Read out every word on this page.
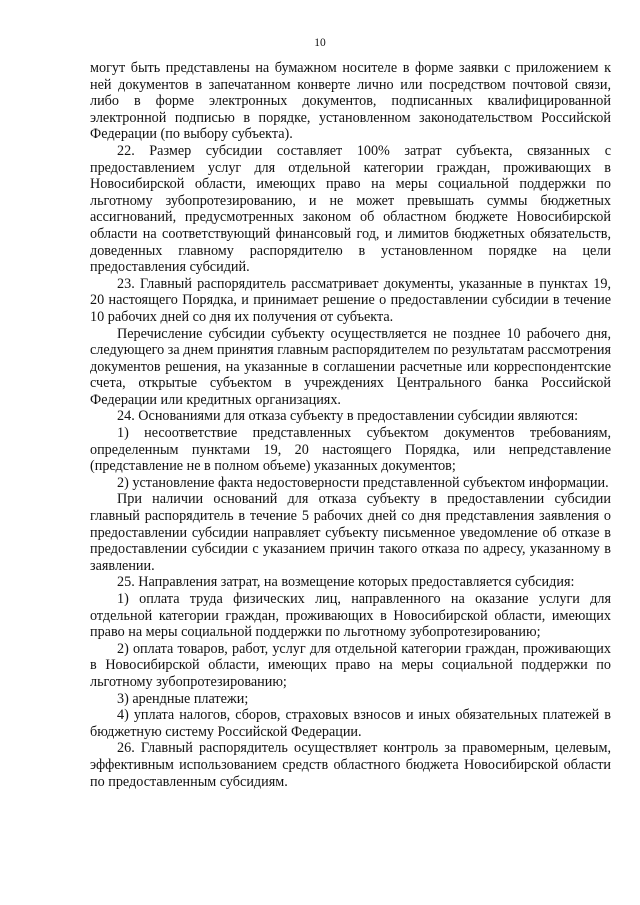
10

могут быть представлены на бумажном носителе в форме заявки с приложением к ней документов в запечатанном конверте лично или посредством почтовой связи, либо в форме электронных документов, подписанных квалифицированной электронной подписью в порядке, установленном законодательством Российской Федерации (по выбору субъекта).

22. Размер субсидии составляет 100% затрат субъекта, связанных с предоставлением услуг для отдельной категории граждан, проживающих в Новосибирской области, имеющих право на меры социальной поддержки по льготному зубопротезированию, и не может превышать суммы бюджетных ассигнований, предусмотренных законом об областном бюджете Новосибирской области на соответствующий финансовый год, и лимитов бюджетных обязательств, доведенных главному распорядителю в установленном порядке на цели предоставления субсидий.

23. Главный распорядитель рассматривает документы, указанные в пунктах 19, 20 настоящего Порядка, и принимает решение о предоставлении субсидии в течение 10 рабочих дней со дня их получения от субъекта.

Перечисление субсидии субъекту осуществляется не позднее 10 рабочего дня, следующего за днем принятия главным распорядителем по результатам рассмотрения документов решения, на указанные в соглашении расчетные или корреспондентские счета, открытые субъектом в учреждениях Центрального банка Российской Федерации или кредитных организациях.

24. Основаниями для отказа субъекту в предоставлении субсидии являются:

1) несоответствие представленных субъектом документов требованиям, определенным пунктами 19, 20 настоящего Порядка, или непредставление (представление не в полном объеме) указанных документов;

2) установление факта недостоверности представленной субъектом информации.

При наличии оснований для отказа субъекту в предоставлении субсидии главный распорядитель в течение 5 рабочих дней со дня представления заявления о предоставлении субсидии направляет субъекту письменное уведомление об отказе в предоставлении субсидии с указанием причин такого отказа по адресу, указанному в заявлении.

25. Направления затрат, на возмещение которых предоставляется субсидия:

1) оплата труда физических лиц, направленного на оказание услуги для отдельной категории граждан, проживающих в Новосибирской области, имеющих право на меры социальной поддержки по льготному зубопротезированию;

2) оплата товаров, работ, услуг для отдельной категории граждан, проживающих в Новосибирской области, имеющих право на меры социальной поддержки по льготному зубопротезированию;

3) арендные платежи;

4) уплата налогов, сборов, страховых взносов и иных обязательных платежей в бюджетную систему Российской Федерации.

26. Главный распорядитель осуществляет контроль за правомерным, целевым, эффективным использованием средств областного бюджета Новосибирской области по предоставленным субсидиям.
